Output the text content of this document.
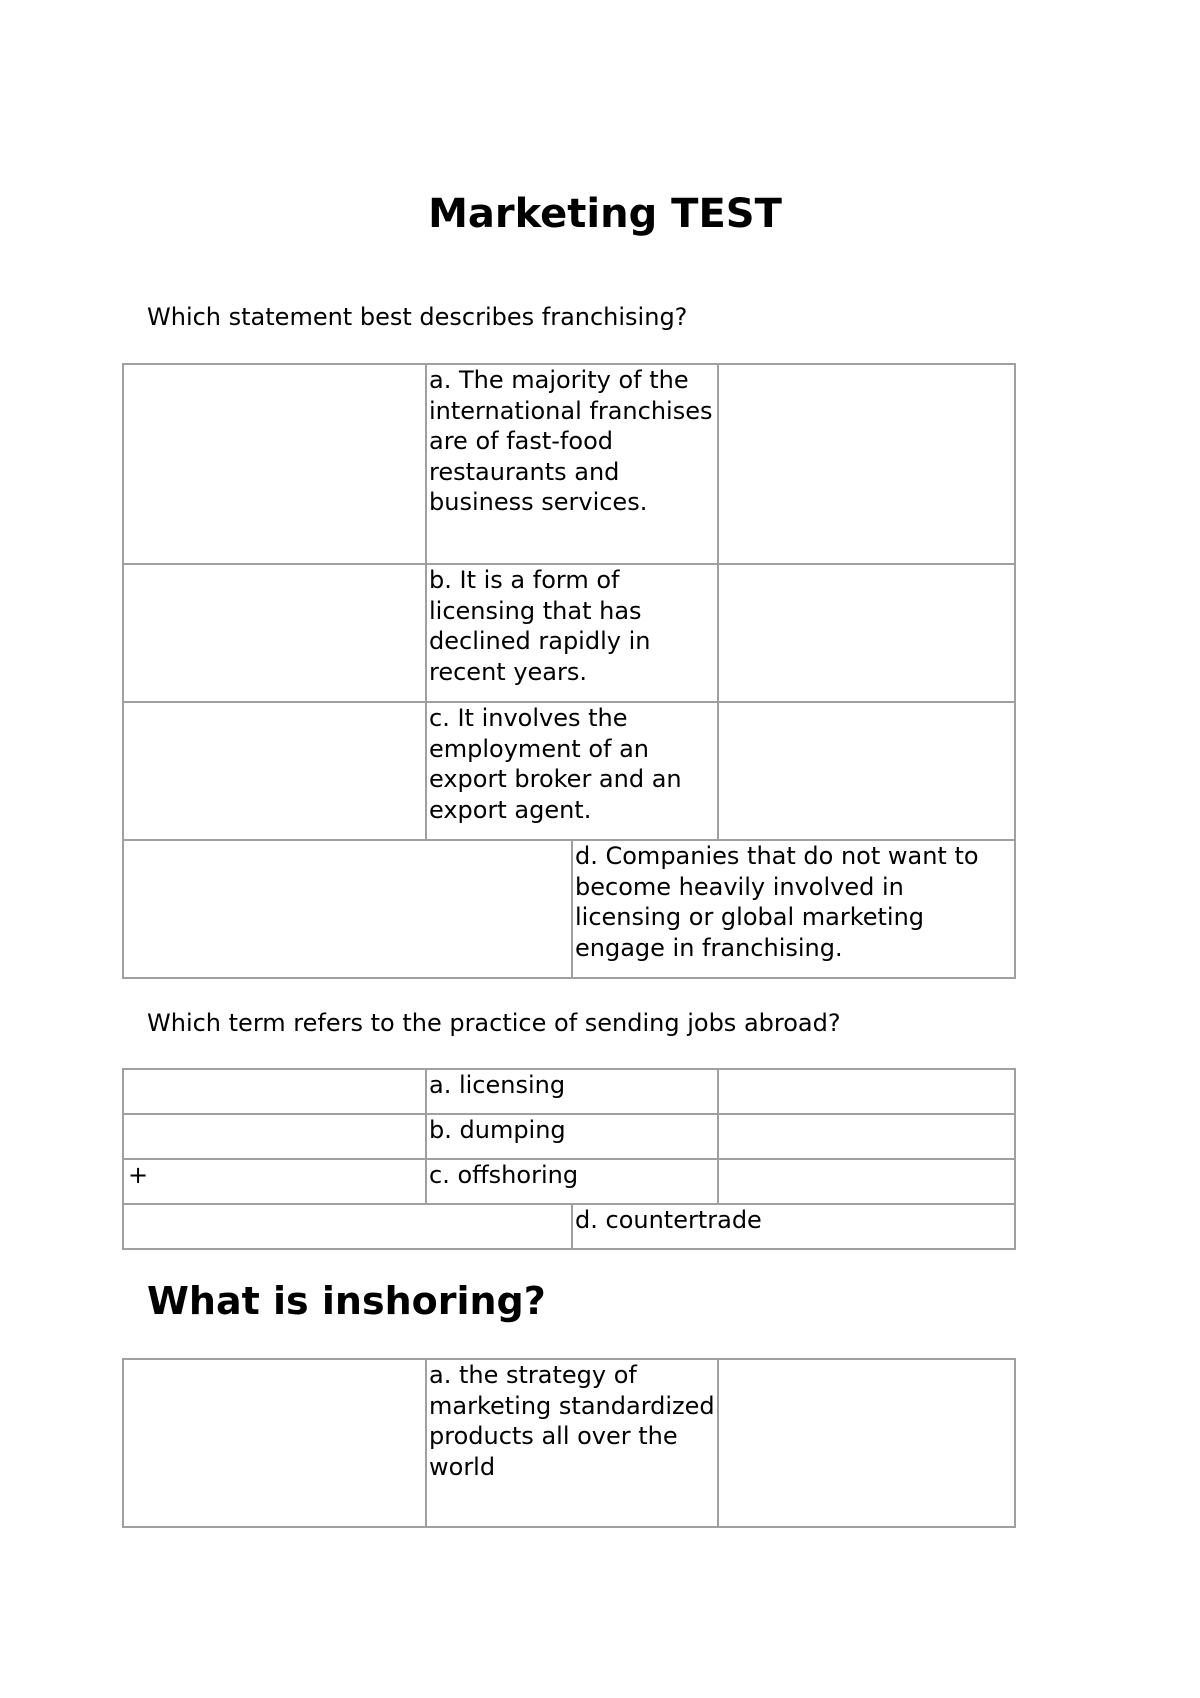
Marketing TEST

Which statement best describes franchising?

	a. The majority of the international franchises are of fast-food restaurants and business services.		

	b. It is a form of licensing that has declined rapidly in recent years.		

	c. It involves the employment of an export broker and an export agent.		

		d. Companies that do not want to become heavily involved in licensing or global marketing engage in franchising.	

Which term refers to the practice of sending jobs abroad?

	a. licensing		

	b. dumping		

+	c. offshoring		

		d. countertrade	

What is inshoring?

	a. the strategy of marketing standardized products all over the world	
